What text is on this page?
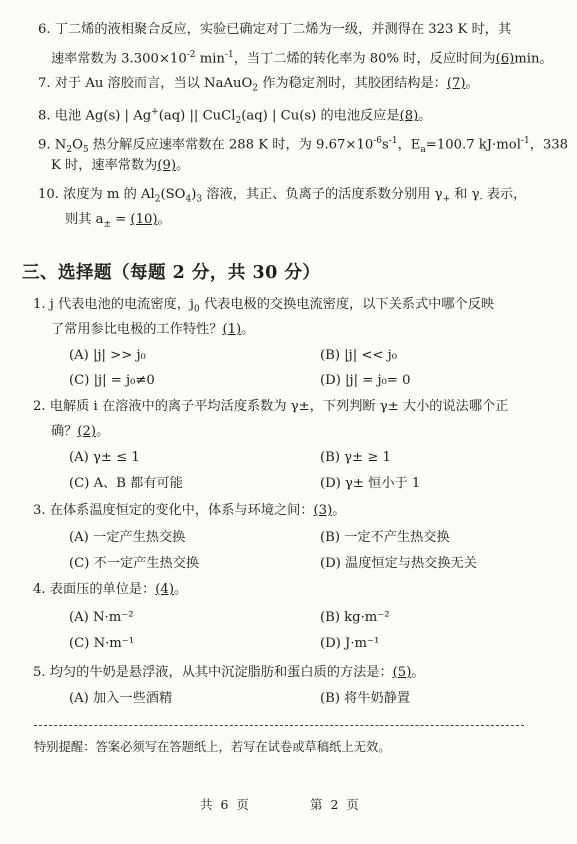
6. 丁二烯的液相聚合反应，实验已确定对丁二烯为一级，并测得在 323 K 时，其
速率常数为 $3.300\times 10^{-2}$ $\min^{-1}$，当丁二烯的转化率为 80% 时，反应时间为(6)min。
7. 对于 Au 溶胶而言，当以 NaAuO$_2$ 作为稳定剂时，其胶团结构是：(7)。
8. 电池 Ag(s) | Ag+(aq) || CuCl$_2$(aq) | Cu(s) 的电池反应是(8)。
9. $N_2O_5$ 热分解反应速率常数在 288 K 时，为 $9.67\times 10^{-6}s^{-1}$，$E_a=100.7$ kJ·mol$^{-1}$，338
K 时，速率常数为(9)。
10. 浓度为 m 的 $Al_2(SO_4)_3$ 溶液，其正、负离子的活度系数分别用 $\gamma_+$ 和 $\gamma_-$ 表示，
则其 $a_\pm = (10)$。
三、选择题（每题 2 分，共 30 分）
1. j 代表电池的电流密度，$j_0$ 代表电极的交换电流密度，以下关系式中哪个反映
了常用参比电极的工作特性？(1)。
(A) |j| >> j₀	(B) |j| << j₀
(C) |j| = j₀≠0	(D) |j| = j₀= 0
2. 电解质 i 在溶液中的离子平均活度系数为 γ±，下列判断 γ± 大小的说法哪个正
确？(2)。
(A) γ± ≤ 1	(B) γ± ≥ 1
(C) A、B 都有可能	(D) γ± 恒小于 1
3. 在体系温度恒定的变化中，体系与环境之间：(3)。
(A) 一定产生热交换	(B) 一定不产生热交换
(C) 不一定产生热交换	(D) 温度恒定与热交换无关
4. 表面压的单位是：(4)。
(A) N·m⁻²	(B) kg·m⁻²
(C) N·m⁻¹	(D) J·m⁻¹
5. 均匀的牛奶是悬浮液，从其中沉淀脂肪和蛋白质的方法是：(5)。
(A) 加入一些酒精	(B) 将牛奶静置
特别提醒：答案必须写在答题纸上，若写在试卷或草稿纸上无效。
共 6 页	第 2 页
